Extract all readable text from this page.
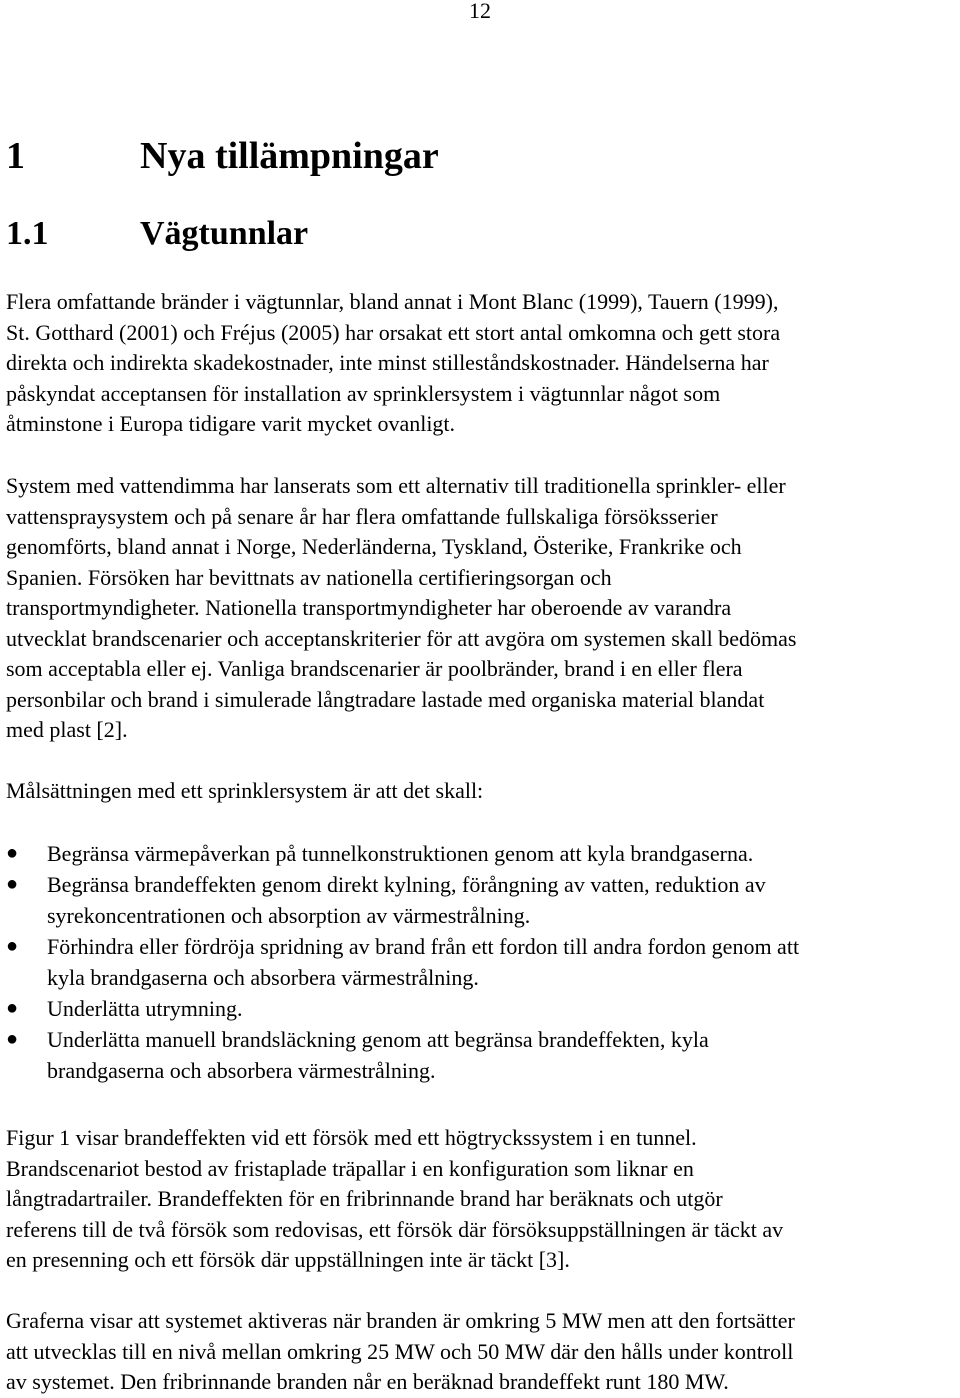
12
1	Nya tillämpningar
1.1	Vägtunnlar

Flera omfattande bränder i vägtunnlar, bland annat i Mont Blanc (1999), Tauern (1999),
St. Gotthard (2001) och Fréjus (2005) har orsakat ett stort antal omkomna och gett stora
direkta och indirekta skadekostnader, inte minst stilleståndskostnader. Händelserna har
påskyndat acceptansen för installation av sprinklersystem i vägtunnlar något som
åtminstone i Europa tidigare varit mycket ovanligt.

System med vattendimma har lanserats som ett alternativ till traditionella sprinkler- eller
vattenspraysystem och på senare år har flera omfattande fullskaliga försöksserier
genomförts, bland annat i Norge, Nederländerna, Tyskland, Österike, Frankrike och
Spanien. Försöken har bevittnats av nationella certifieringsorgan och
transportmyndigheter. Nationella transportmyndigheter har oberoende av varandra
utvecklat brandscenarier och acceptanskriterier för att avgöra om systemen skall bedömas
som acceptabla eller ej. Vanliga brandscenarier är poolbränder, brand i en eller flera
personbilar och brand i simulerade långtradare lastade med organiska material blandat
med plast [2].

Målsättningen med ett sprinklersystem är att det skall:

● Begränsa värmepåverkan på tunnelkonstruktionen genom att kyla brandgaserna.
● Begränsa brandeffekten genom direkt kylning, förångning av vatten, reduktion av
syrekoncentrationen och absorption av värmestrålning.
● Förhindra eller fördröja spridning av brand från ett fordon till andra fordon genom att
kyla brandgaserna och absorbera värmestrålning.
● Underlätta utrymning.
● Underlätta manuell brandsläckning genom att begränsa brandeffekten, kyla
brandgaserna och absorbera värmestrålning.

Figur 1 visar brandeffekten vid ett försök med ett högtryckssystem i en tunnel.
Brandscenariot bestod av fristaplade träpallar i en konfiguration som liknar en
långtradartrailer. Brandeffekten för en fribrinnande brand har beräknats och utgör
referens till de två försök som redovisas, ett försök där försöksuppställningen är täckt av
en presenning och ett försök där uppställningen inte är täckt [3].

Graferna visar att systemet aktiveras när branden är omkring 5 MW men att den fortsätter
att utvecklas till en nivå mellan omkring 25 MW och 50 MW där den hålls under kontroll
av systemet. Den fribrinnande branden når en beräknad brandeffekt runt 180 MW.
